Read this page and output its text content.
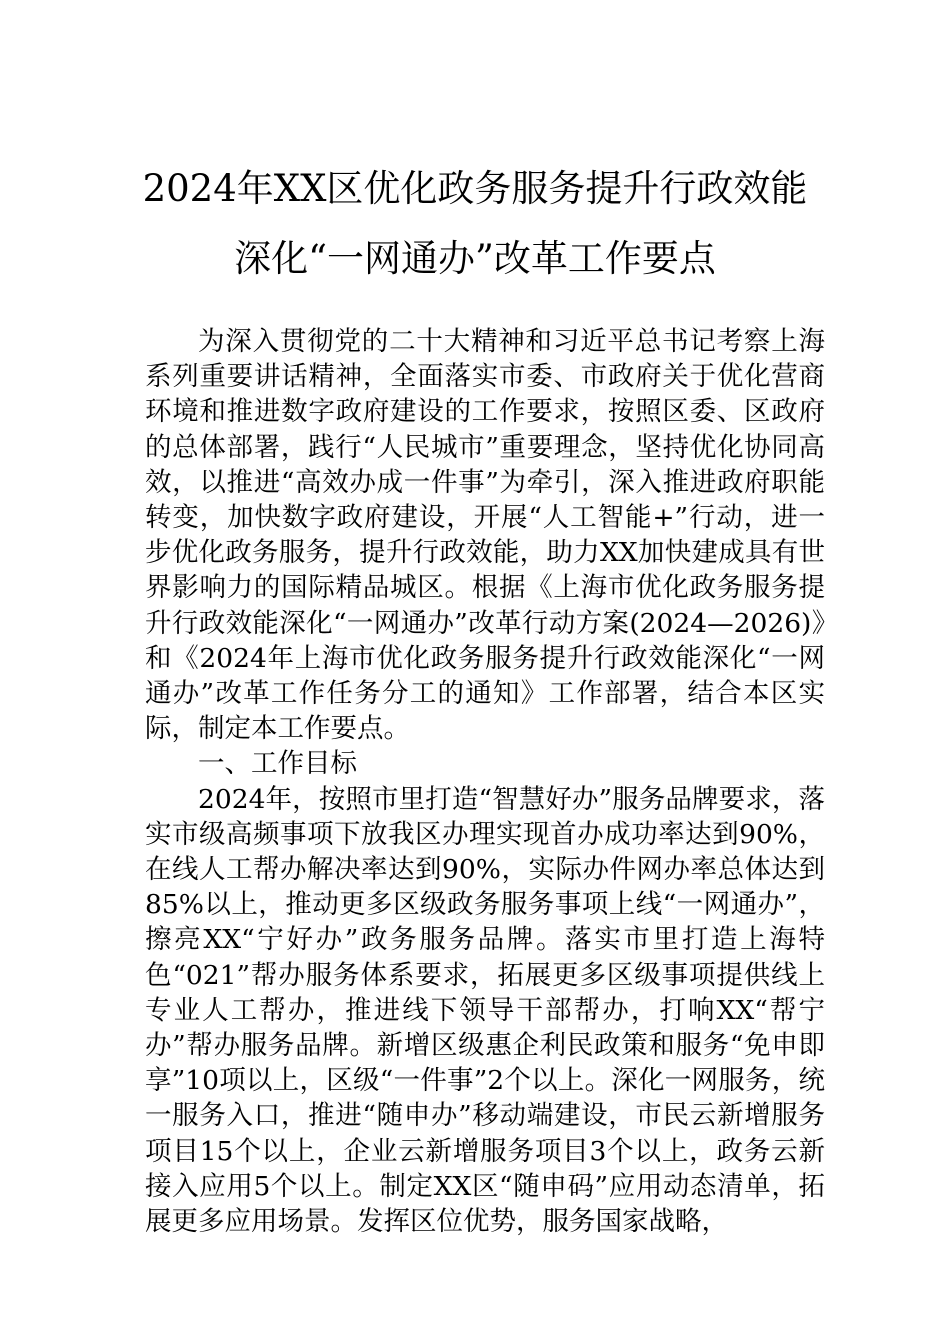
2024年XX区优化政务服务提升行政效能
深化“一网通办”改革工作要点

为深入贯彻党的二十大精神和习近平总书记考察上海系列重要讲话精神，全面落实市委、市政府关于优化营商环境和推进数字政府建设的工作要求，按照区委、区政府的总体部署，践行“人民城市”重要理念，坚持优化协同高效，以推进“高效办成一件事”为牵引，深入推进政府职能转变，加快数字政府建设，开展“人工智能+”行动，进一步优化政务服务，提升行政效能，助力XX加快建成具有世界影响力的国际精品城区。根据《上海市优化政务服务提升行政效能深化“一网通办”改革行动方案(2024—2026)》和《2024年上海市优化政务服务提升行政效能深化“一网通办”改革工作任务分工的通知》工作部署，结合本区实际，制定本工作要点。

一、工作目标

2024年，按照市里打造“智慧好办”服务品牌要求，落实市级高频事项下放我区办理实现首办成功率达到90%，在线人工帮办解决率达到90%，实际办件网办率总体达到85%以上，推动更多区级政务服务事项上线“一网通办”，擦亮XX“宁好办”政务服务品牌。落实市里打造上海特色“021”帮办服务体系要求，拓展更多区级事项提供线上专业人工帮办，推进线下领导干部帮办，打响XX“帮宁办”帮办服务品牌。新增区级惠企利民政策和服务“免申即享”10项以上，区级“一件事”2个以上。深化一网服务，统一服务入口，推进“随申办”移动端建设，市民云新增服务项目15个以上，企业云新增服务项目3个以上，政务云新接入应用5个以上。制定XX区“随申码”应用动态清单，拓展更多应用场景。发挥区位优势，服务国家战略，
